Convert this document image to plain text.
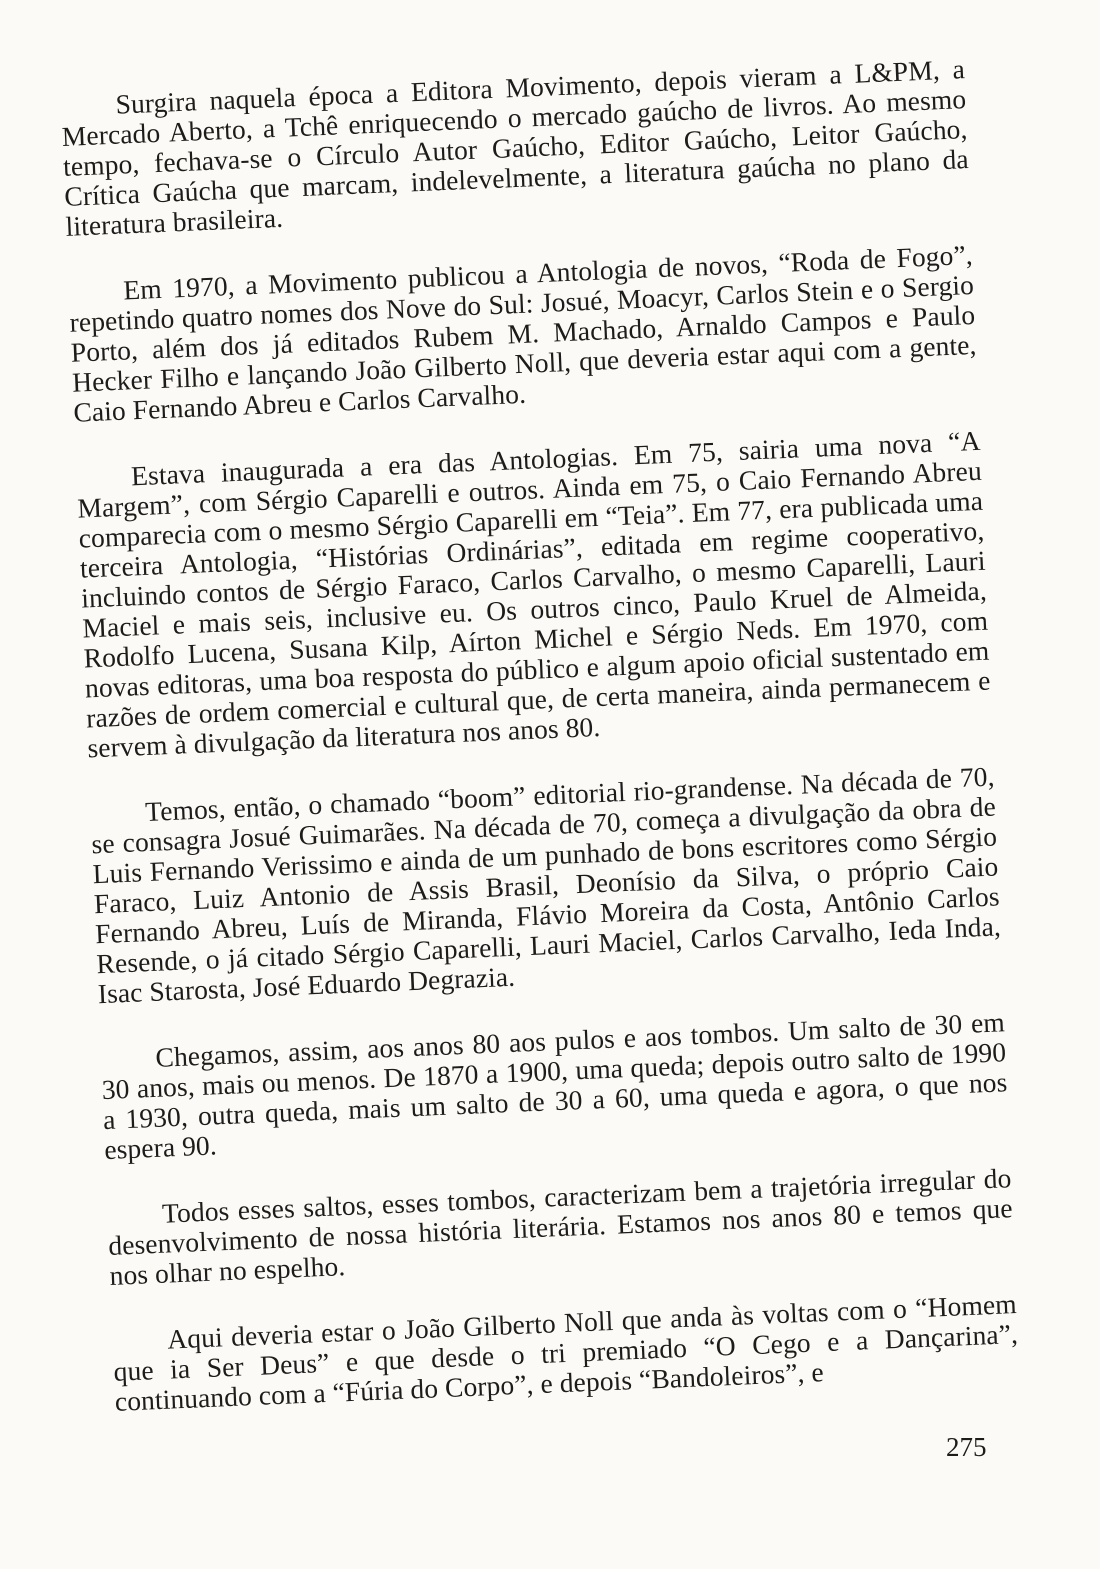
Surgira naquela época a Editora Movimento, depois vieram a L&PM, a Mercado Aberto, a Tchê enriquecendo o mercado gaúcho de livros. Ao mesmo tempo, fechava-se o Círculo Autor Gaúcho, Editor Gaúcho, Leitor Gaúcho, Crítica Gaúcha que marcam, indelevelmente, a literatura gaúcha no plano da literatura brasileira.

Em 1970, a Movimento publicou a Antologia de novos, “Roda de Fogo”, repetindo quatro nomes dos Nove do Sul: Josué, Moacyr, Carlos Stein e o Sergio Porto, além dos já editados Rubem M. Machado, Arnaldo Campos e Paulo Hecker Filho e lançando João Gilberto Noll, que deveria estar aqui com a gente, Caio Fernando Abreu e Carlos Carvalho.

Estava inaugurada a era das Antologias. Em 75, sairia uma nova “A Margem”, com Sérgio Caparelli e outros. Ainda em 75, o Caio Fernando Abreu comparecia com o mesmo Sérgio Caparelli em “Teia”. Em 77, era publicada uma terceira Antologia, “Histórias Ordinárias”, editada em regime cooperativo, incluindo contos de Sérgio Faraco, Carlos Carvalho, o mesmo Caparelli, Lauri Maciel e mais seis, inclusive eu. Os outros cinco, Paulo Kruel de Almeida, Rodolfo Lucena, Susana Kilp, Aírton Michel e Sérgio Neds. Em 1970, com novas editoras, uma boa resposta do público e algum apoio oficial sustentado em razões de ordem comercial e cultural que, de certa maneira, ainda permanecem e servem à divulgação da literatura nos anos 80.

Temos, então, o chamado “boom” editorial rio-grandense. Na década de 70, se consagra Josué Guimarães. Na década de 70, começa a divulgação da obra de Luis Fernando Verissimo e ainda de um punhado de bons escritores como Sérgio Faraco, Luiz Antonio de Assis Brasil, Deonísio da Silva, o próprio Caio Fernando Abreu, Luís de Miranda, Flávio Moreira da Costa, Antônio Carlos Resende, o já citado Sérgio Caparelli, Lauri Maciel, Carlos Carvalho, Ieda Inda, Isac Starosta, José Eduardo Degrazia.

Chegamos, assim, aos anos 80 aos pulos e aos tombos. Um salto de 30 em 30 anos, mais ou menos. De 1870 a 1900, uma queda; depois outro salto de 1990 a 1930, outra queda, mais um salto de 30 a 60, uma queda e agora, o que nos espera 90.

Todos esses saltos, esses tombos, caracterizam bem a trajetória irregular do desenvolvimento de nossa história literária. Estamos nos anos 80 e temos que nos olhar no espelho.

Aqui deveria estar o João Gilberto Noll que anda às voltas com o “Homem que ia Ser Deus” e que desde o tri premiado “O Cego e a Dançarina”, continuando com a “Fúria do Corpo”, e depois “Bandoleiros”, e

275
